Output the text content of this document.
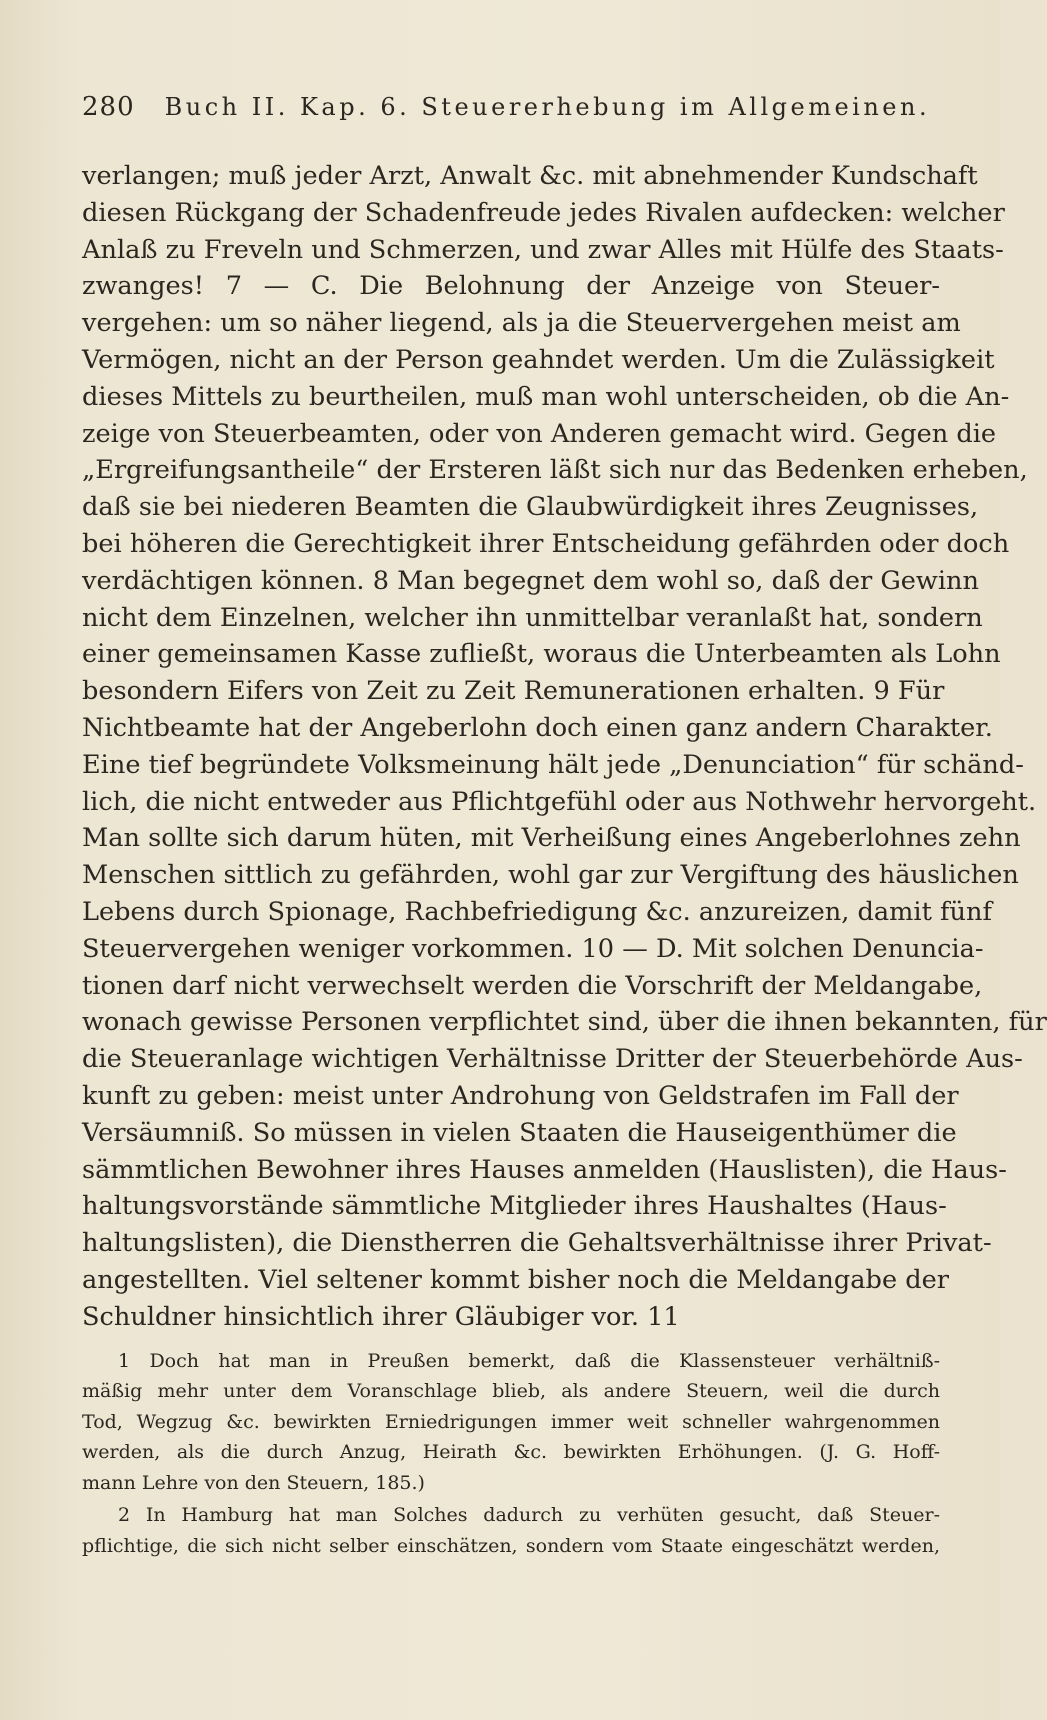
280 Buch II. Kap. 6. Steuererhebung im Allgemeinen.

verlangen; muß jeder Arzt, Anwalt &c. mit abnehmender Kundschaft

diesen Rückgang der Schadenfreude jedes Rivalen aufdecken: welcher

Anlaß zu Freveln und Schmerzen, und zwar Alles mit Hülfe des Staats-

zwanges! 7 — C. Die Belohnung der Anzeige von Steuer-

vergehen: um so näher liegend, als ja die Steuervergehen meist am

Vermögen, nicht an der Person geahndet werden. Um die Zulässigkeit

dieses Mittels zu beurtheilen, muß man wohl unterscheiden, ob die An-

zeige von Steuerbeamten, oder von Anderen gemacht wird. Gegen die

„Ergreifungsantheile“ der Ersteren läßt sich nur das Bedenken erheben,

daß sie bei niederen Beamten die Glaubwürdigkeit ihres Zeugnisses,

bei höheren die Gerechtigkeit ihrer Entscheidung gefährden oder doch

verdächtigen können. 8 Man begegnet dem wohl so, daß der Gewinn

nicht dem Einzelnen, welcher ihn unmittelbar veranlaßt hat, sondern

einer gemeinsamen Kasse zufließt, woraus die Unterbeamten als Lohn

besondern Eifers von Zeit zu Zeit Remunerationen erhalten. 9 Für

Nichtbeamte hat der Angeberlohn doch einen ganz andern Charakter.

Eine tief begründete Volksmeinung hält jede „Denunciation“ für schänd-

lich, die nicht entweder aus Pflichtgefühl oder aus Nothwehr hervorgeht.

Man sollte sich darum hüten, mit Verheißung eines Angeberlohnes zehn

Menschen sittlich zu gefährden, wohl gar zur Vergiftung des häuslichen

Lebens durch Spionage, Rachbefriedigung &c. anzureizen, damit fünf

Steuervergehen weniger vorkommen. 10 — D. Mit solchen Denuncia-

tionen darf nicht verwechselt werden die Vorschrift der Meldangabe,

wonach gewisse Personen verpflichtet sind, über die ihnen bekannten, für

die Steueranlage wichtigen Verhältnisse Dritter der Steuerbehörde Aus-

kunft zu geben: meist unter Androhung von Geldstrafen im Fall der

Versäumniß. So müssen in vielen Staaten die Hauseigenthümer die

sämmtlichen Bewohner ihres Hauses anmelden (Hauslisten), die Haus-

haltungsvorstände sämmtliche Mitglieder ihres Haushaltes (Haus-

haltungslisten), die Dienstherren die Gehaltsverhältnisse ihrer Privat-

angestellten. Viel seltener kommt bisher noch die Meldangabe der

Schuldner hinsichtlich ihrer Gläubiger vor. 11

1 Doch hat man in Preußen bemerkt, daß die Klassensteuer verhältniß-

mäßig mehr unter dem Voranschlage blieb, als andere Steuern, weil die durch

Tod, Wegzug &c. bewirkten Erniedrigungen immer weit schneller wahrgenommen

werden, als die durch Anzug, Heirath &c. bewirkten Erhöhungen. (J. G. Hoff-

mann Lehre von den Steuern, 185.)

2 In Hamburg hat man Solches dadurch zu verhüten gesucht, daß Steuer-

pflichtige, die sich nicht selber einschätzen, sondern vom Staate eingeschätzt werden,
